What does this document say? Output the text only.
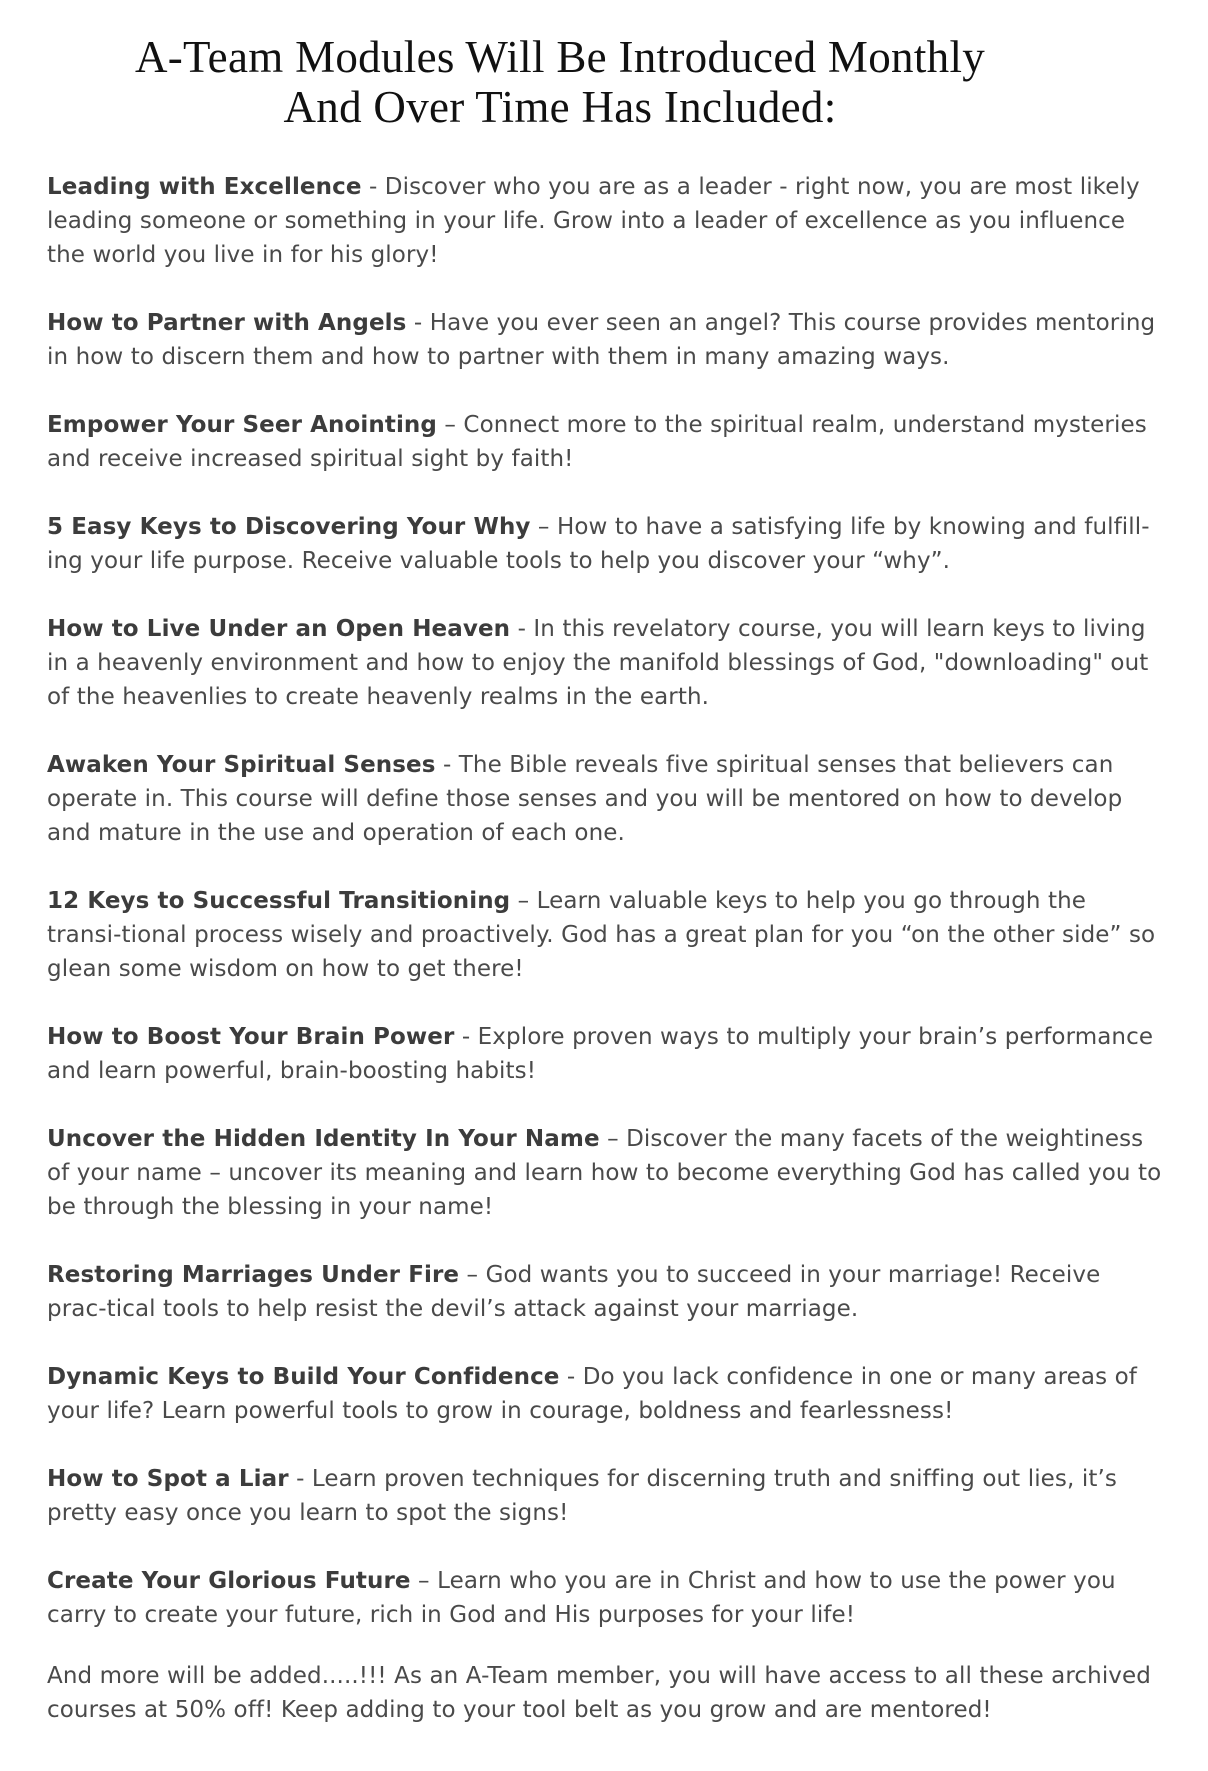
A-Team Modules Will Be Introduced Monthly
And Over Time Has Included:
Leading with Excellence - Discover who you are as a leader - right now, you are most likely leading someone or something in your life. Grow into a leader of excellence as you influence the world you live in for his glory!
How to Partner with Angels - Have you ever seen an angel? This course provides mentoring in how to discern them and how to partner with them in many amazing ways.
Empower Your Seer Anointing – Connect more to the spiritual realm, understand mysteries and receive increased spiritual sight by faith!
5 Easy Keys to Discovering Your Why – How to have a satisfying life by knowing and fulfill-ing your life purpose. Receive valuable tools to help you discover your “why”.
How to Live Under an Open Heaven - In this revelatory course, you will learn keys to living in a heavenly environment and how to enjoy the manifold blessings of God, "downloading" out of the heavenlies to create heavenly realms in the earth.
Awaken Your Spiritual Senses - The Bible reveals five spiritual senses that believers can operate in. This course will define those senses and you will be mentored on how to develop and mature in the use and operation of each one.
12 Keys to Successful Transitioning – Learn valuable keys to help you go through the transi-tional process wisely and proactively. God has a great plan for you “on the other side” so glean some wisdom on how to get there!
How to Boost Your Brain Power - Explore proven ways to multiply your brain’s performance and learn powerful, brain-boosting habits!
Uncover the Hidden Identity In Your Name – Discover the many facets of the weightiness of your name – uncover its meaning and learn how to become everything God has called you to be through the blessing in your name!
Restoring Marriages Under Fire – God wants you to succeed in your marriage! Receive prac-tical tools to help resist the devil’s attack against your marriage.
Dynamic Keys to Build Your Confidence - Do you lack confidence in one or many areas of your life? Learn powerful tools to grow in courage, boldness and fearlessness!
How to Spot a Liar - Learn proven techniques for discerning truth and sniffing out lies, it’s pretty easy once you learn to spot the signs!
Create Your Glorious Future – Learn who you are in Christ and how to use the power you carry to create your future, rich in God and His purposes for your life!

And more will be added.....!!! As an A-Team member, you will have access to all these archived courses at 50% off! Keep adding to your tool belt as you grow and are mentored!
